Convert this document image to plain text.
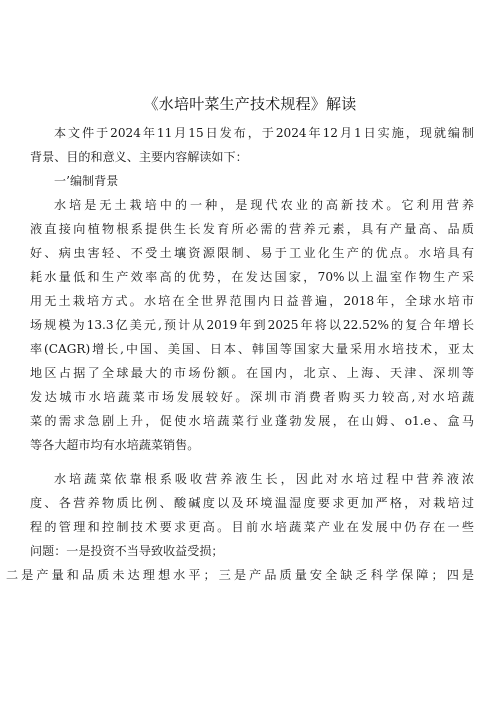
《水培叶菜生产技术规程》解读
本文件于2024年11月15日发布，于2024年12月1日实施，现就编制
背景、目的和意义、主要内容解读如下：
一’编制背景
水培是无土栽培中的一种，是现代农业的高新技术。它利用营养
液直接向植物根系提供生长发育所必需的营养元素，具有产量高、品质
好、病虫害轻、不受土壤资源限制、易于工业化生产的优点。水培具有
耗水量低和生产效率高的优势，在发达国家，70%以上温室作物生产采
用无土栽培方式。水培在全世界范围内日益普遍，2018年，全球水培市
场规模为13.3亿美元,预计从2019年到2025年将以22.52%的复合年增长
率(CAGR)增长,中国、美国、日本、韩国等国家大量采用水培技术，亚太
地区占据了全球最大的市场份额。在国内，北京、上海、天津、深圳等
发达城市水培蔬菜市场发展较好。深圳市消费者购买力较高,对水培蔬
菜的需求急剧上升，促使水培蔬菜行业蓬勃发展，在山姆、o1.e、盒马
等各大超市均有水培蔬菜销售。
水培蔬菜依靠根系吸收营养液生长，因此对水培过程中营养液浓
度、各营养物质比例、酸碱度以及环境温湿度要求更加严格，对栽培过
程的管理和控制技术要求更高。目前水培蔬菜产业在发展中仍存在一些
问题：一是投资不当导致收益受损；
二是产量和品质未达理想水平；三是产品质量安全缺乏科学保障；四是
